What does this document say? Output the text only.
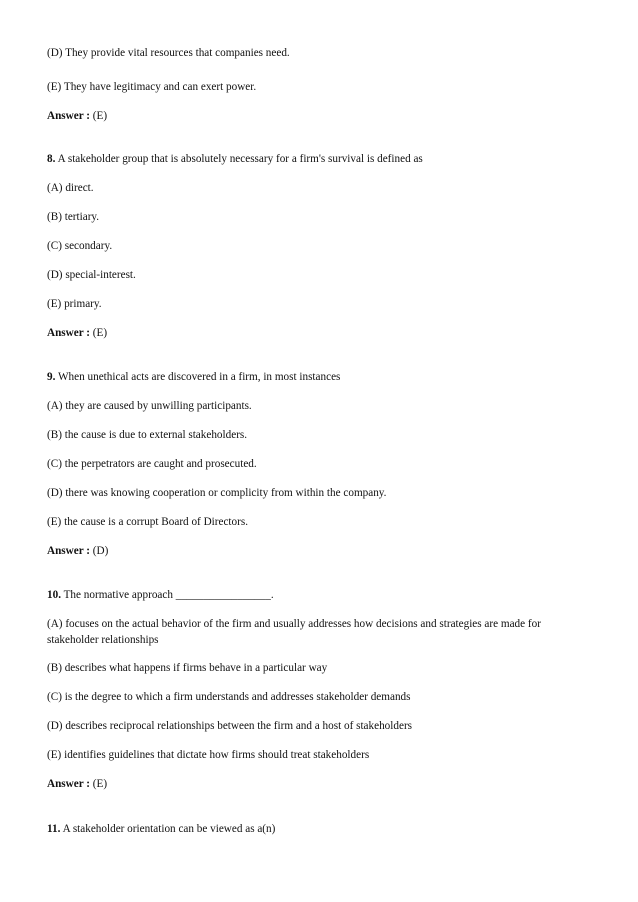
(D) They provide vital resources that companies need.
(E) They have legitimacy and can exert power.
Answer : (E)
8. A stakeholder group that is absolutely necessary for a firm's survival is defined as
(A) direct.
(B) tertiary.
(C) secondary.
(D) special-interest.
(E) primary.
Answer : (E)
9. When unethical acts are discovered in a firm, in most instances
(A) they are caused by unwilling participants.
(B) the cause is due to external stakeholders.
(C) the perpetrators are caught and prosecuted.
(D) there was knowing cooperation or complicity from within the company.
(E) the cause is a corrupt Board of Directors.
Answer : (D)
10. The normative approach _________________.
(A) focuses on the actual behavior of the firm and usually addresses how decisions and strategies are made for stakeholder relationships
(B) describes what happens if firms behave in a particular way
(C) is the degree to which a firm understands and addresses stakeholder demands
(D) describes reciprocal relationships between the firm and a host of stakeholders
(E) identifies guidelines that dictate how firms should treat stakeholders
Answer : (E)
11. A stakeholder orientation can be viewed as a(n)
